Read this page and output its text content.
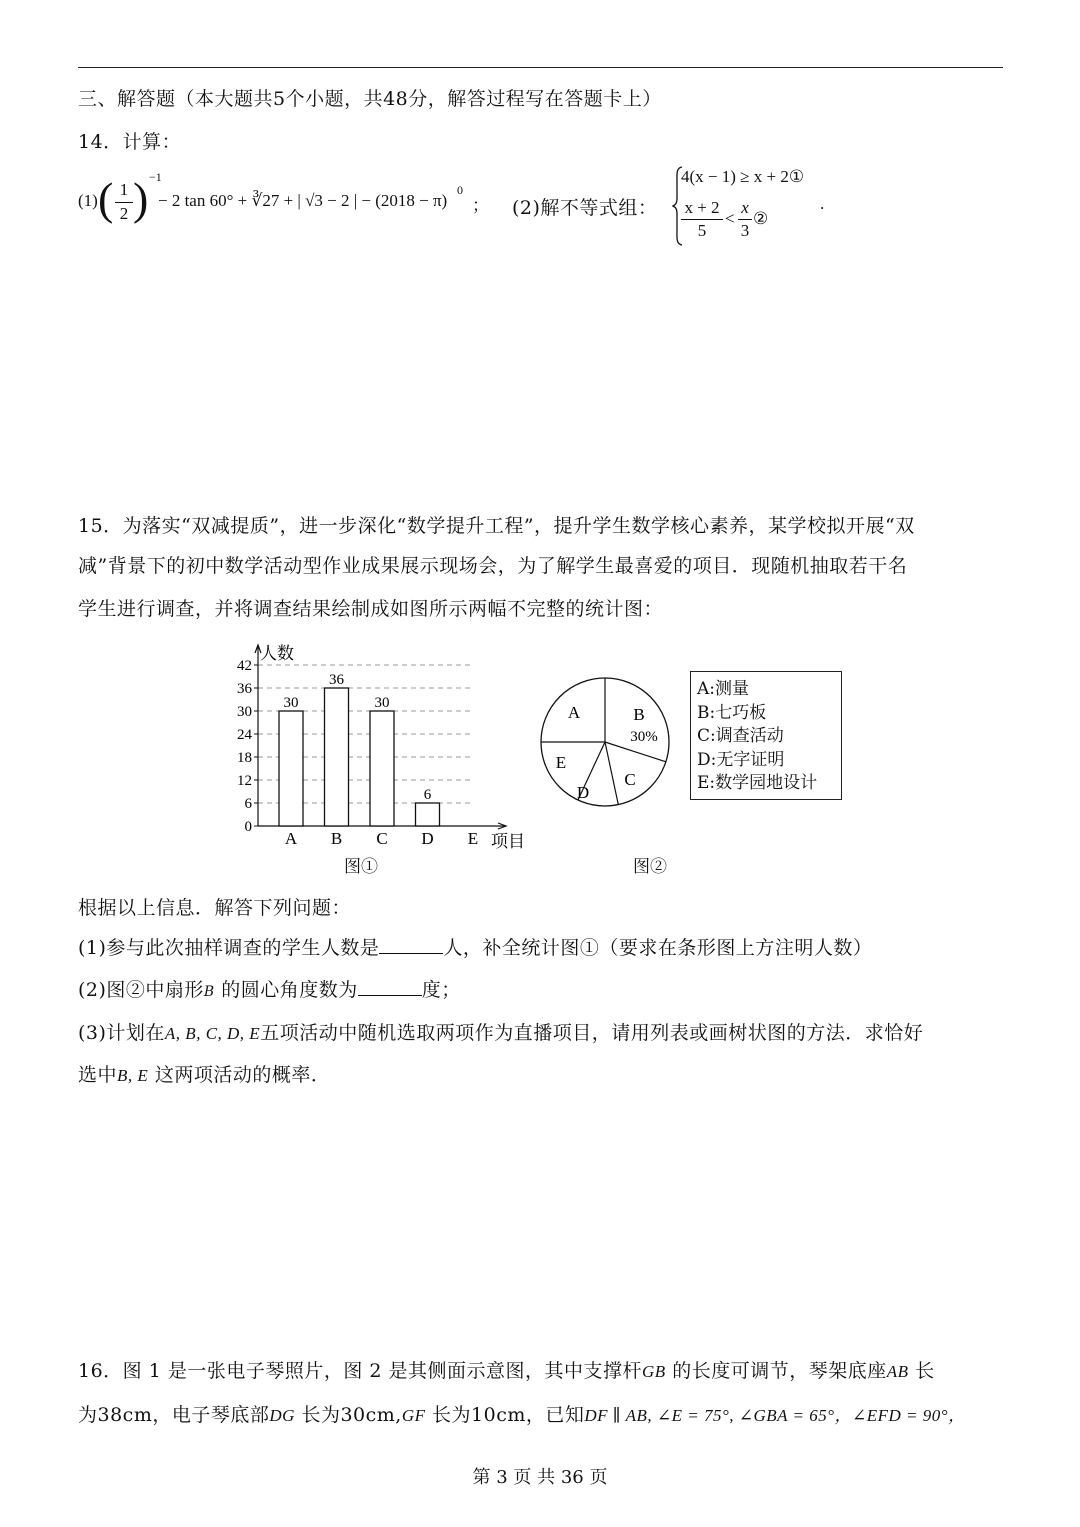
三、解答题（本大题共5个小题，共48分，解答过程写在答题卡上）
14．计算：
(1) ( 1
2 ) −1
− 2 tan 60° + ∛27 + | √3 − 2 | − (2018 − π)
0
； (2)解不等式组：
4(x − 1) ≥ x + 2①
x + 2
5
<
x
3
②
.
15．为落实“双减提质”，进一步深化“数学提升工程”，提升学生数学核心素养，某学校拟开展“双
减”背景下的初中数学活动型作业成果展示现场会，为了解学生最喜爱的项目．现随机抽取若干名
学生进行调查，并将调查结果绘制成如图所示两幅不完整的统计图：
人数
项目
0
6
12
18
24
30
36
42
A
30
B
36
C
30
D
6
E
图①
A	B
30%
C
D
E
图②
A:测量
B:七巧板
C:调查活动
D:无字证明
E:数学园地设计
根据以上信息．解答下列问题：
(1)参与此次抽样调查的学生人数是	人，补全统计图①（要求在条形图上方注明人数）
(2)图②中扇形B 的圆心角度数为	度；
(3)计划在A, B, C, D, E五项活动中随机选取两项作为直播项目，请用列表或画树状图的方法．求恰好
选中B, E 这两项活动的概率．
16．图 1 是一张电子琴照片，图 2 是其侧面示意图，其中支撑杆GB 的长度可调节，琴架底座AB 长
为38cm，电子琴底部DG 长为30cm,GF 长为10cm，已知DF ∥ AB, ∠E = 75°, ∠GBA = 65°，∠EFD = 90°，
第 3 页 共 36 页
